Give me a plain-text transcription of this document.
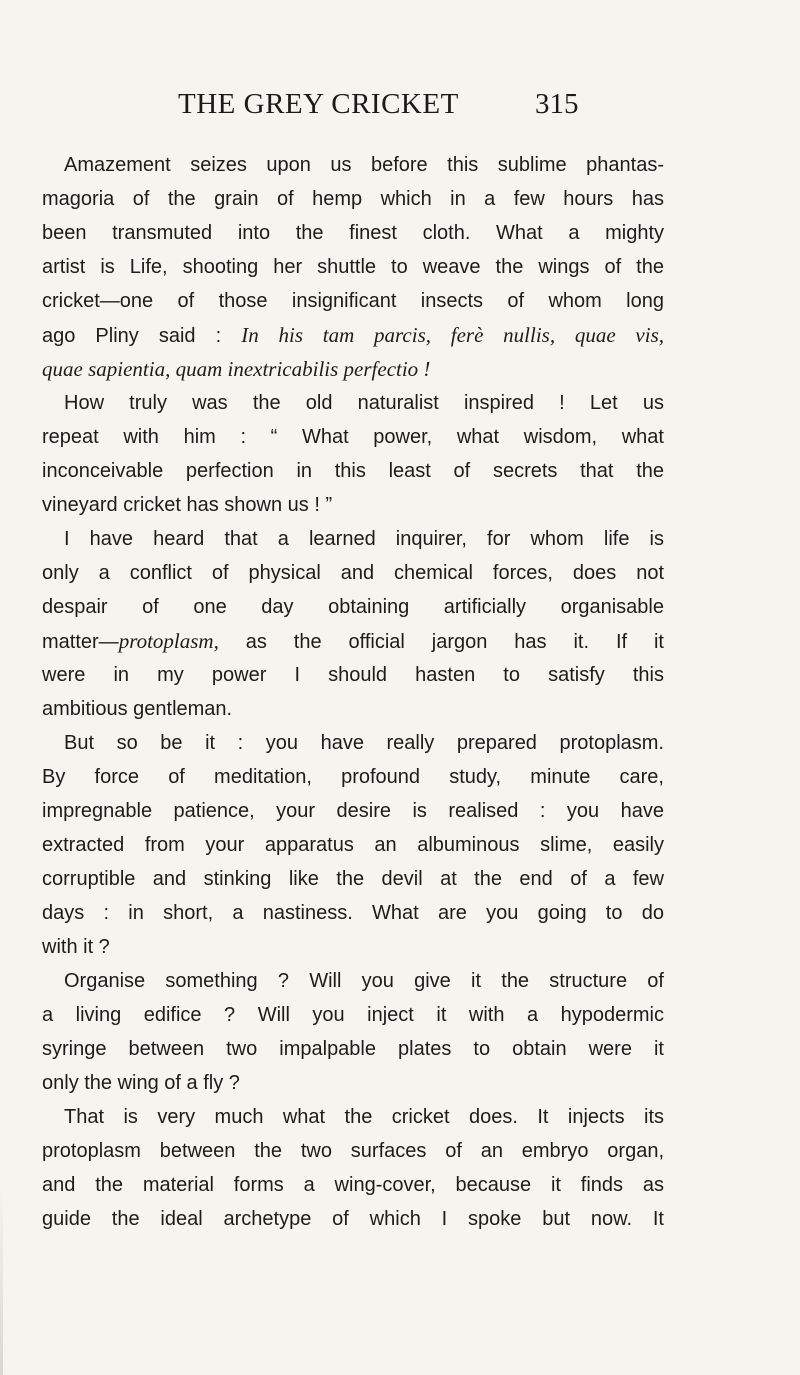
THE GREY CRICKET	315
Amazement seizes upon us before this sublime phantas-
magoria of the grain of hemp which in a few hours has
been transmuted into the finest cloth. What a mighty
artist is Life, shooting her shuttle to weave the wings of the
cricket—one of those insignificant insects of whom long
ago Pliny said : In his tam parcis, ferè nullis, quae vis,
quae sapientia, quam inextricabilis perfectio !
How truly was the old naturalist inspired ! Let us
repeat with him : “ What power, what wisdom, what
inconceivable perfection in this least of secrets that the
vineyard cricket has shown us ! ”
I have heard that a learned inquirer, for whom life is
only a conflict of physical and chemical forces, does not
despair of one day obtaining artificially organisable
matter—protoplasm, as the official jargon has it. If it
were in my power I should hasten to satisfy this
ambitious gentleman.
But so be it : you have really prepared protoplasm.
By force of meditation, profound study, minute care,
impregnable patience, your desire is realised : you have
extracted from your apparatus an albuminous slime, easily
corruptible and stinking like the devil at the end of a few
days : in short, a nastiness. What are you going to do
with it ?
Organise something ? Will you give it the structure of
a living edifice ? Will you inject it with a hypodermic
syringe between two impalpable plates to obtain were it
only the wing of a fly ?
That is very much what the cricket does. It injects its
protoplasm between the two surfaces of an embryo organ,
and the material forms a wing-cover, because it finds as
guide the ideal archetype of which I spoke but now. It
